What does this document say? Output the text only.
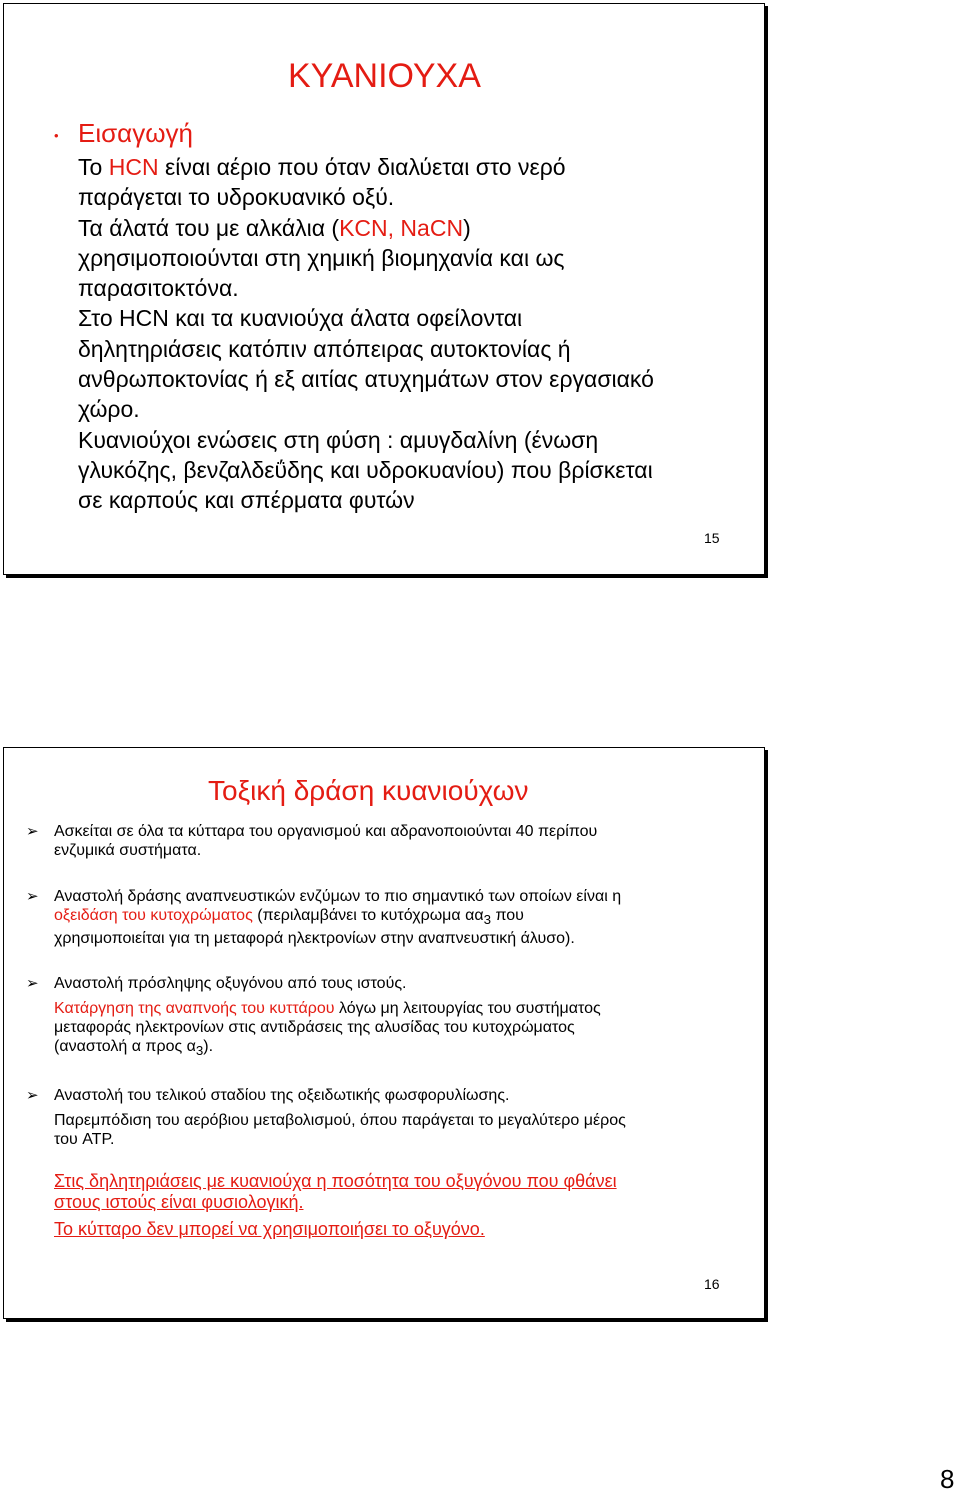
ΚΥΑΝΙΟΥΧΑ
• Εισαγωγή

Το HCN είναι αέριο που όταν διαλύεται στο νερό

παράγεται το υδροκυανικό οξύ.

Τα άλατά του με αλκάλια (KCN, NaCN)

χρησιμοποιούνται στη χημική βιομηχανία και ως

παρασιτοκτόνα.

Στο HCN και τα κυανιούχα άλατα οφείλονται

δηλητηριάσεις κατόπιν απόπειρας αυτοκτονίας ή

ανθρωποκτονίας ή εξ αιτίας ατυχημάτων στον εργασιακό

χώρο.

Κυανιούχοι ενώσεις στη φύση : αμυγδαλίνη (ένωση

γλυκόζης, βενζαλδεΰδης και υδροκυανίου) που βρίσκεται

σε καρπούς και σπέρματα φυτών

15
Τοξική δράση κυανιούχων
➢ Ασκείται σε όλα τα κύτταρα του οργανισμού και αδρανοποιούνται 40 περίπου

ενζυμικά συστήματα.

➢ Αναστολή δράσης αναπνευστικών ενζύμων το πιο σημαντικό των οποίων είναι η

οξειδάση του κυτοχρώματος (περιλαμβάνει το κυτόχρωμα $\alpha\alpha_3$ που

χρησιμοποιείται για τη μεταφορά ηλεκτρονίων στην αναπνευστική άλυσο).

➢ Αναστολή πρόσληψης οξυγόνου από τους ιστούς.

Κατάργηση της αναπνοής του κυττάρου λόγω μη λειτουργίας του συστήματος

μεταφοράς ηλεκτρονίων στις αντιδράσεις της αλυσίδας του κυτοχρώματος

(αναστολή α προς $\alpha_3$).

➢ Αναστολή του τελικού σταδίου της οξειδωτικής φωσφορυλίωσης.

Παρεμπόδιση του αερόβιου μεταβολισμού, όπου παράγεται το μεγαλύτερο μέρος

του ATP.

Στις δηλητηριάσεις με κυανιούχα η ποσότητα του οξυγόνου που φθάνει

στους ιστούς είναι φυσιολογική.

Το κύτταρο δεν μπορεί να χρησιμοποιήσει το οξυγόνο.

16
8
